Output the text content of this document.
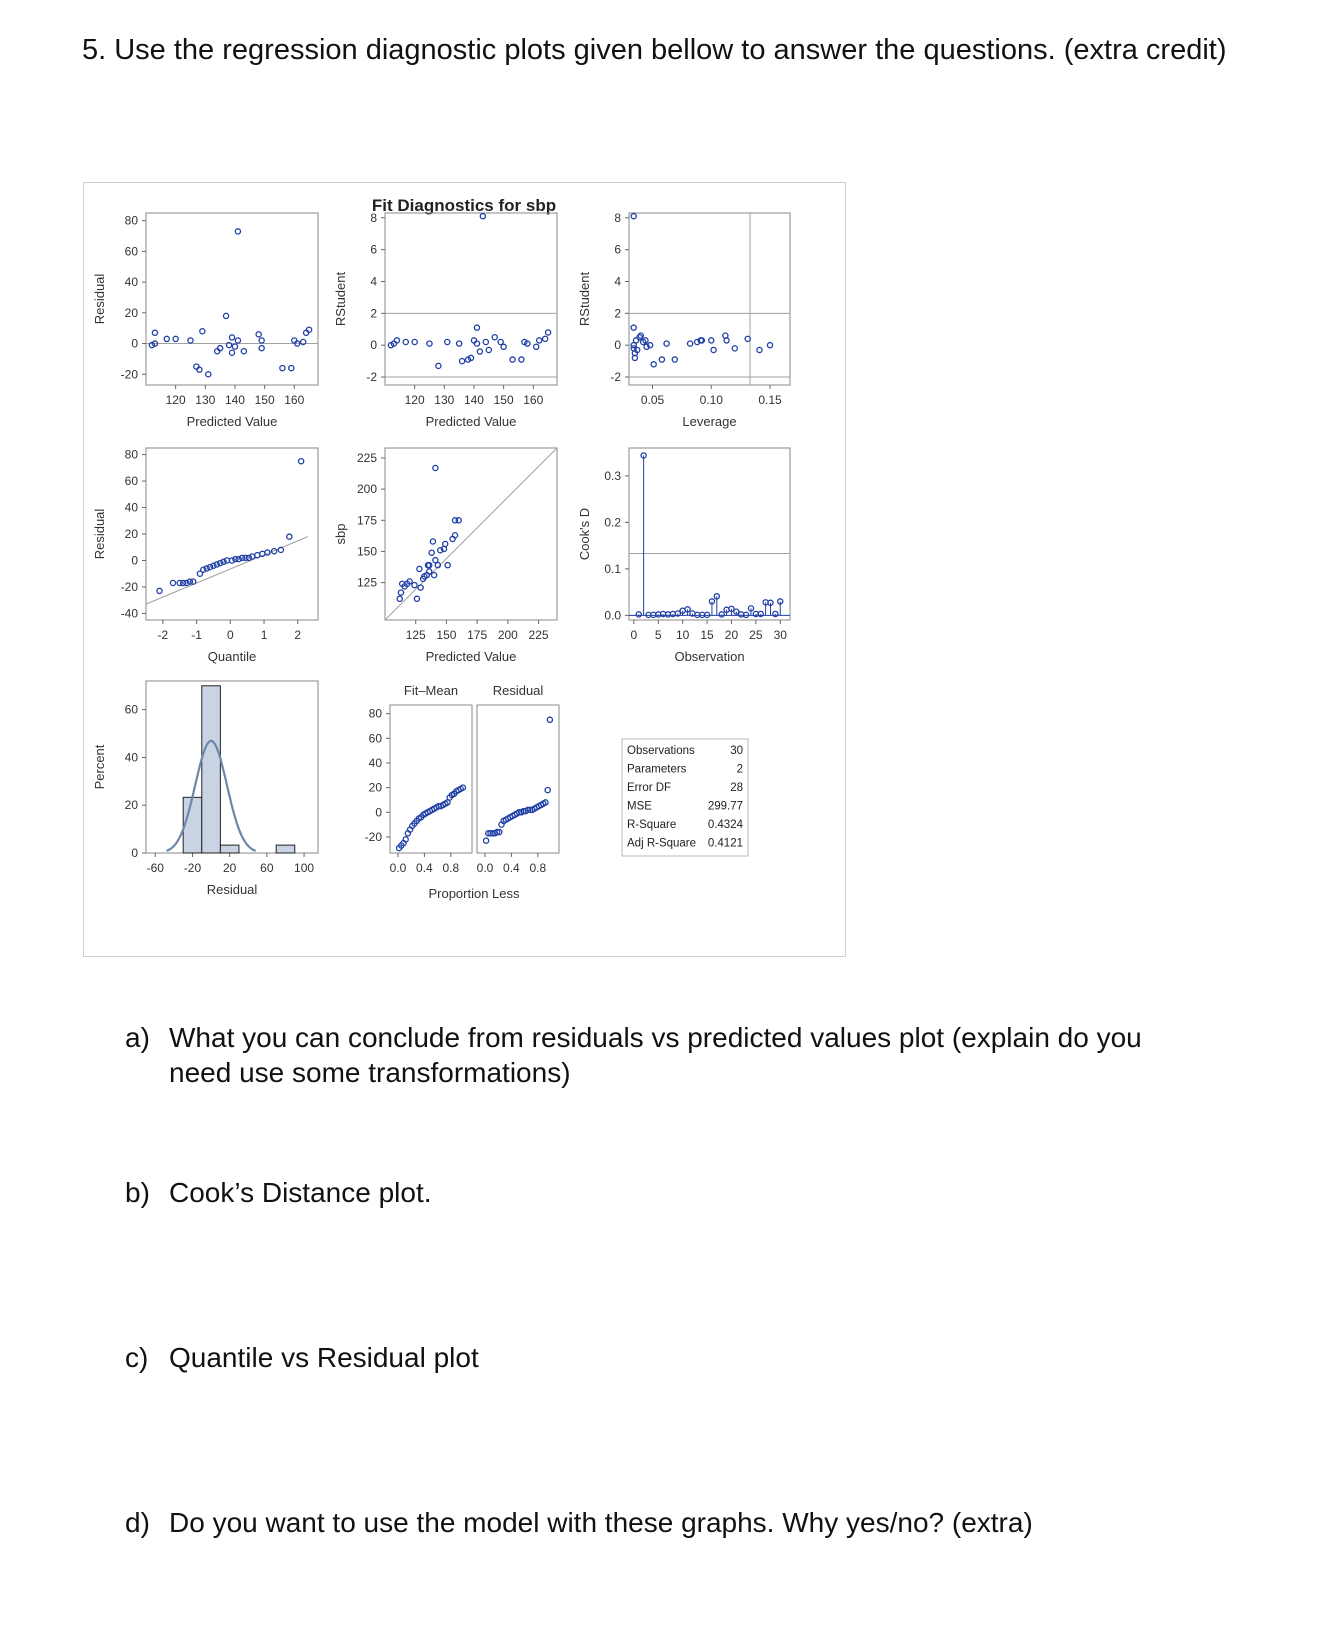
5. Use the regression diagnostic plots given bellow to answer the questions. (extra credit)
Fit Diagnostics for sbp
120 130 140 150 160
-20
0
20
40
60
80
Predicted Value
Residual
120 130 140 150 160
-2
0
2
4
6
8
Predicted Value
RStudent
0.05	0.10	0.15
-2
0
2
4
6
8
Leverage
RStudent
-2 -1 0 1 2
-40
-20
0
20
40
60
80
Quantile
Residual
125 150 175 200 225
125
150
175
200
225
Predicted Value
sbp
0 5 10 15 20 25 30
0.0
0.1
0.2
0.3
Observation
Cook's D
-60 -20 20 60 100
0
20
40
60
Residual
Percent
-20
0
20
40
60
80
Fit–Mean
0.0 0.4 0.8
Residual
0.0 0.4 0.8
Proportion Less
Observations	30
Parameters	2
Error DF	28
MSE	299.77
R-Square	0.4324
Adj R-Square 0.4121
a) What you can conclude from residuals vs predicted values plot (explain do you need use some transformations)
b) Cook’s Distance plot.
c) Quantile vs Residual plot
d) Do you want to use the model with these graphs. Why yes/no? (extra)
